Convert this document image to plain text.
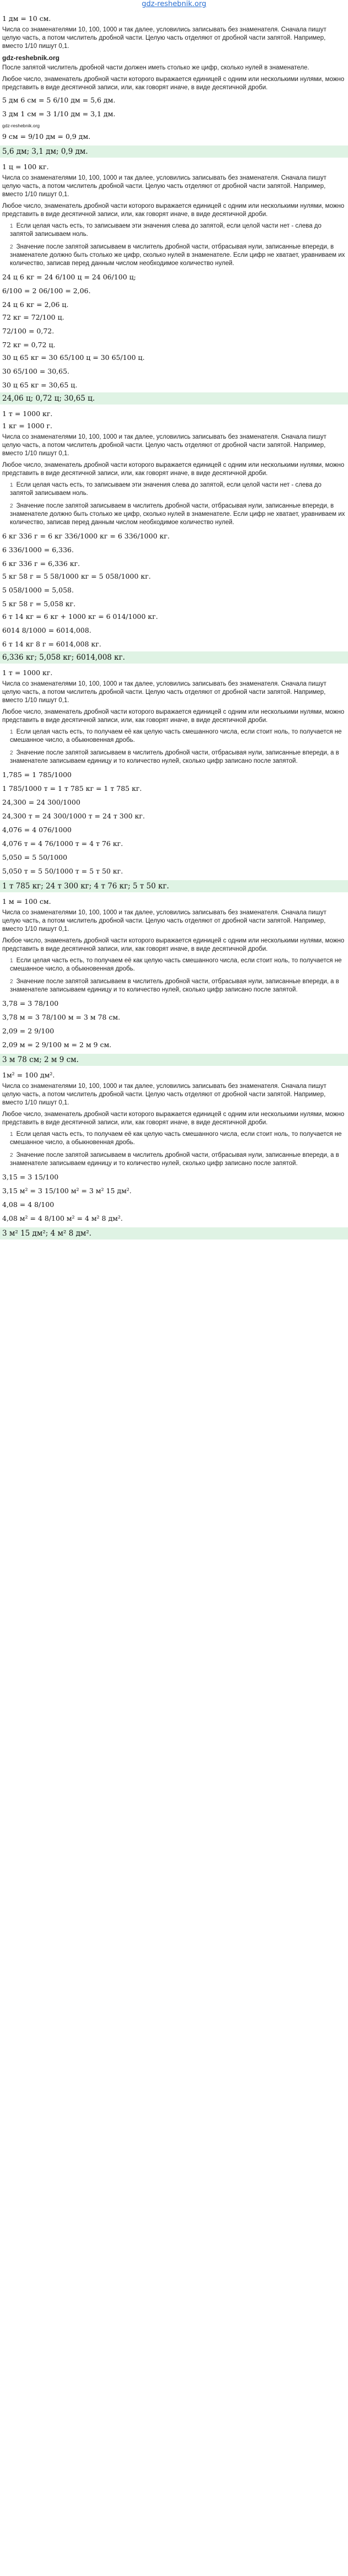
gdz-reshebnik.org
1 дм = 10 см.
Числа со знаменателями 10, 100, 1000 и так далее, условились записывать без знаменателя. Сначала пишут целую часть, а потом числитель дробной части. Целую часть отделяют от дробной части запятой. Например, вместо 1/10 пишут 0,1.
gdz-reshebnik.org
После запятой числитель дробной части должен иметь столько же цифр, сколько нулей в знаменателе.
Любое число, знаменатель дробной части которого выражается единицей с одним или несколькими нулями, можно представить в виде десятичной записи, или, как говорят иначе, в виде десятичной дроби.
5 дм 6 см = 5 6/10 дм = 5,6 дм.
3 дм 1 см = 3 1/10 дм = 3,1 дм.
gdz-reshebnik.org
9 см = 9/10 дм = 0,9 дм.
5,6 дм; 3,1 дм; 0,9 дм.
1 ц = 100 кг.
Числа со знаменателями 10, 100, 1000 и так далее, условились записывать без знаменателя. Сначала пишут целую часть, а потом числитель дробной части. Целую часть отделяют от дробной части запятой. Например, вместо 1/10 пишут 0,1.
Любое число, знаменатель дробной части которого выражается единицей с одним или несколькими нулями, можно представить в виде десятичной записи, или, как говорят иначе, в виде десятичной дроби.
1 Если целая часть есть, то записываем эти значения слева до запятой, если целой части нет - слева до запятой записываем ноль.
2 Значение после запятой записываем в числитель дробной части, отбрасывая нули, записанные впереди, в знаменателе должно быть столько же цифр, сколько нулей в знаменателе. Если цифр не хватает, уравниваем их количество, записав перед данным числом необходимое количество нулей.
24 ц 6 кг = 24 6/100 ц = 24 06/100 ц;
6/100 = 2 06/100 = 2,06.
24 ц 6 кг = 2,06 ц.
72 кг = 72/100 ц.
72/100 = 0,72.
72 кг = 0,72 ц.
30 ц 65 кг = 30 65/100 ц = 30 65/100 ц.
30 65/100 = 30,65.
30 ц 65 кг = 30,65 ц.
24,06 ц; 0,72 ц; 30,65 ц.
1 т = 1000 кг.
1 кг = 1000 г.
Числа со знаменателями 10, 100, 1000 и так далее, условились записывать без знаменателя. Сначала пишут целую часть, а потом числитель дробной части. Целую часть отделяют от дробной части запятой. Например, вместо 1/10 пишут 0,1.
Любое число, знаменатель дробной части которого выражается единицей с одним или несколькими нулями, можно представить в виде десятичной записи, или, как говорят иначе, в виде десятичной дроби.
1 Если целая часть есть, то записываем эти значения слева до запятой, если целой части нет - слева до запятой записываем ноль.
2 Значение после запятой записываем в числитель дробной части, отбрасывая нули, записанные впереди, в знаменателе должно быть столько же цифр, сколько нулей в знаменателе. Если цифр не хватает, уравниваем их количество, записав перед данным числом необходимое количество нулей.
6 кг 336 г = 6 кг 336/1000 кг = 6 336/1000 кг.
6 336/1000 = 6,336.
6 кг 336 г = 6,336 кг.
5 кг 58 г = 5 58/1000 кг = 5 058/1000 кг.
5 058/1000 = 5,058.
5 кг 58 г = 5,058 кг.
6 т 14 кг = 6 кг + 1000 кг = 6 014/1000 кг.
6014 8/1000 = 6014,008.
6 т 14 кг 8 г = 6014,008 кг.
6,336 кг; 5,058 кг; 6014,008 кг.
1 т = 1000 кг.
Числа со знаменателями 10, 100, 1000 и так далее, условились записывать без знаменателя. Сначала пишут целую часть, а потом числитель дробной части. Целую часть отделяют от дробной части запятой. Например, вместо 1/10 пишут 0,1.
Любое число, знаменатель дробной части которого выражается единицей с одним или несколькими нулями, можно представить в виде десятичной записи, или, как говорят иначе, в виде десятичной дроби.
1 Если целая часть есть, то получаем её как целую часть смешанного числа, если стоит ноль, то получается не смешанное число, а обыкновенная дробь.
2 Значение после запятой записываем в числитель дробной части, отбрасывая нули, записанные впереди, а в знаменателе записываем единицу и то количество нулей, сколько цифр записано после запятой.
1,785 = 1 785/1000
1 785/1000 т = 1 т 785 кг = 1 т 785 кг.
24,300 = 24 300/1000
24,300 т = 24 300/1000 т = 24 т 300 кг.
4,076 = 4 076/1000
4,076 т = 4 76/1000 т = 4 т 76 кг.
5,050 = 5 50/1000
5,050 т = 5 50/1000 т = 5 т 50 кг.
1 т 785 кг; 24 т 300 кг; 4 т 76 кг; 5 т 50 кг.
1 м = 100 см.
Числа со знаменателями 10, 100, 1000 и так далее, условились записывать без знаменателя. Сначала пишут целую часть, а потом числитель дробной части. Целую часть отделяют от дробной части запятой. Например, вместо 1/10 пишут 0,1.
Любое число, знаменатель дробной части которого выражается единицей с одним или несколькими нулями, можно представить в виде десятичной записи, или, как говорят иначе, в виде десятичной дроби.
1 Если целая часть есть, то получаем её как целую часть смешанного числа, если стоит ноль, то получается не смешанное число, а обыкновенная дробь.
2 Значение после запятой записываем в числитель дробной части, отбрасывая нули, записанные впереди, а в знаменателе записываем единицу и то количество нулей, сколько цифр записано после запятой.
3,78 = 3 78/100
3,78 м = 3 78/100 м = 3 м 78 см.
2,09 = 2 9/100
2,09 м = 2 9/100 м = 2 м 9 см.
3 м 78 см; 2 м 9 см.
1м² = 100 дм².
Числа со знаменателями 10, 100, 1000 и так далее, условились записывать без знаменателя. Сначала пишут целую часть, а потом числитель дробной части. Целую часть отделяют от дробной части запятой. Например, вместо 1/10 пишут 0,1.
Любое число, знаменатель дробной части которого выражается единицей с одним или несколькими нулями, можно представить в виде десятичной записи, или, как говорят иначе, в виде десятичной дроби.
1 Если целая часть есть, то получаем её как целую часть смешанного числа, если стоит ноль, то получается не смешанное число, а обыкновенная дробь.
2 Значение после запятой записываем в числитель дробной части, отбрасывая нули, записанные впереди, а в знаменателе записываем единицу и то количество нулей, сколько цифр записано после запятой.
3,15 = 3 15/100
3,15 м² = 3 15/100 м² = 3 м² 15 дм².
4,08 = 4 8/100
4,08 м² = 4 8/100 м² = 4 м² 8 дм².
3 м² 15 дм²; 4 м² 8 дм².
